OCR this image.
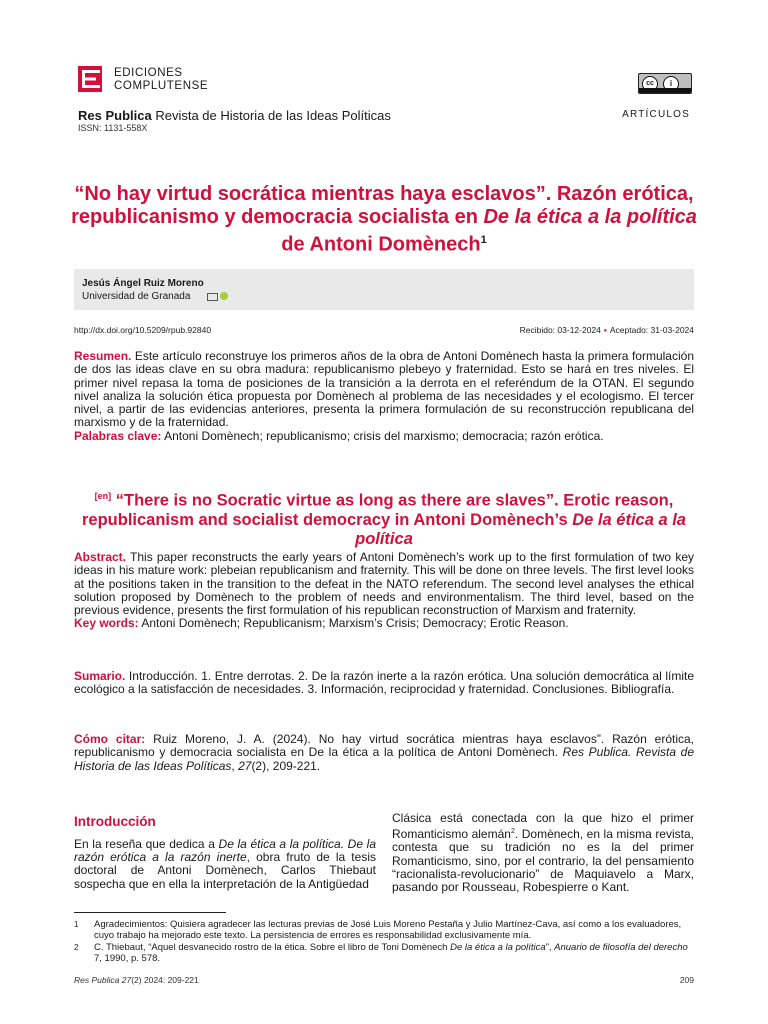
EDICIONES
COMPLUTENSE	cc	i
Res Publica Revista de Historia de las Ideas Políticas
ISSN: 1131-558X
ARTÍCULOS
“No hay virtud socrática mientras haya esclavos”. Razón erótica, republicanismo y democracia socialista en De la ética a la política de Antoni Domènech$^1$
Jesús Ángel Ruiz Moreno
Universidad de Granada
http://dx.doi.org/10.5209/rpub.92840	Recibido: 03-12-2024 • Aceptado: 31-03-2024
Resumen. Este artículo reconstruye los primeros años de la obra de Antoni Domènech hasta la primera formulación de dos las ideas clave en su obra madura: republicanismo plebeyo y fraternidad. Esto se hará en tres niveles. El primer nivel repasa la toma de posiciones de la transición a la derrota en el referéndum de la OTAN. El segundo nivel analiza la solución ética propuesta por Domènech al problema de las necesidades y el ecologismo. El tercer nivel, a partir de las evidencias anteriores, presenta la primera formulación de su reconstrucción republicana del marxismo y de la fraternidad.
Palabras clave: Antoni Domènech; republicanismo; crisis del marxismo; democracia; razón erótica.
[en] “There is no Socratic virtue as long as there are slaves”. Erotic reason, republicanism and socialist democracy in Antoni Domènech’s De la ética a la política
Abstract. This paper reconstructs the early years of Antoni Domènech’s work up to the first formulation of two key ideas in his mature work: plebeian republicanism and fraternity. This will be done on three levels. The first level looks at the positions taken in the transition to the defeat in the NATO referendum. The second level analyses the ethical solution proposed by Domènech to the problem of needs and environmentalism. The third level, based on the previous evidence, presents the first formulation of his republican reconstruction of Marxism and fraternity.
Key words: Antoni Domènech; Republicanism; Marxism’s Crisis; Democracy; Erotic Reason.
Sumario. Introducción. 1. Entre derrotas. 2. De la razón inerte a la razón erótica. Una solución democrática al límite ecológico a la satisfacción de necesidades. 3. Información, reciprocidad y fraternidad. Conclusiones. Bibliografía.
Cómo citar: Ruiz Moreno, J. A. (2024). No hay virtud socrática mientras haya esclavos”. Razón erótica, republicanismo y democracia socialista en De la ética a la política de Antoni Domènech. Res Publica. Revista de Historia de las Ideas Políticas, 27(2), 209-221.
Introducción
En la reseña que dedica a De la ética a la política. De la razón erótica a la razón inerte, obra fruto de la tesis doctoral de Antoni Domènech, Carlos Thiebaut sospecha que en ella la interpretación de la Antigüedad
Clásica está conectada con la que hizo el primer Romanticismo alemán$^2$. Domènech, en la misma revista, contesta que su tradición no es la del primer Romanticismo, sino, por el contrario, la del pensamiento “racionalista-revolucionario” de Maquiavelo a Marx, pasando por Rousseau, Robespierre o Kant.
1 Agradecimientos: Quisiera agradecer las lecturas previas de José Luis Moreno Pestaña y Julio Martínez-Cava, así como a los evaluadores, cuyo trabajo ha mejorado este texto. La persistencia de errores es responsabilidad exclusivamente mía.
2 C. Thiebaut, “Aquel desvanecido rostro de la ética. Sobre el libro de Toni Domènech De la ética a la política”, Anuario de filosofía del derecho 7, 1990, p. 578.
Res Publica 27(2) 2024: 209-221	209
